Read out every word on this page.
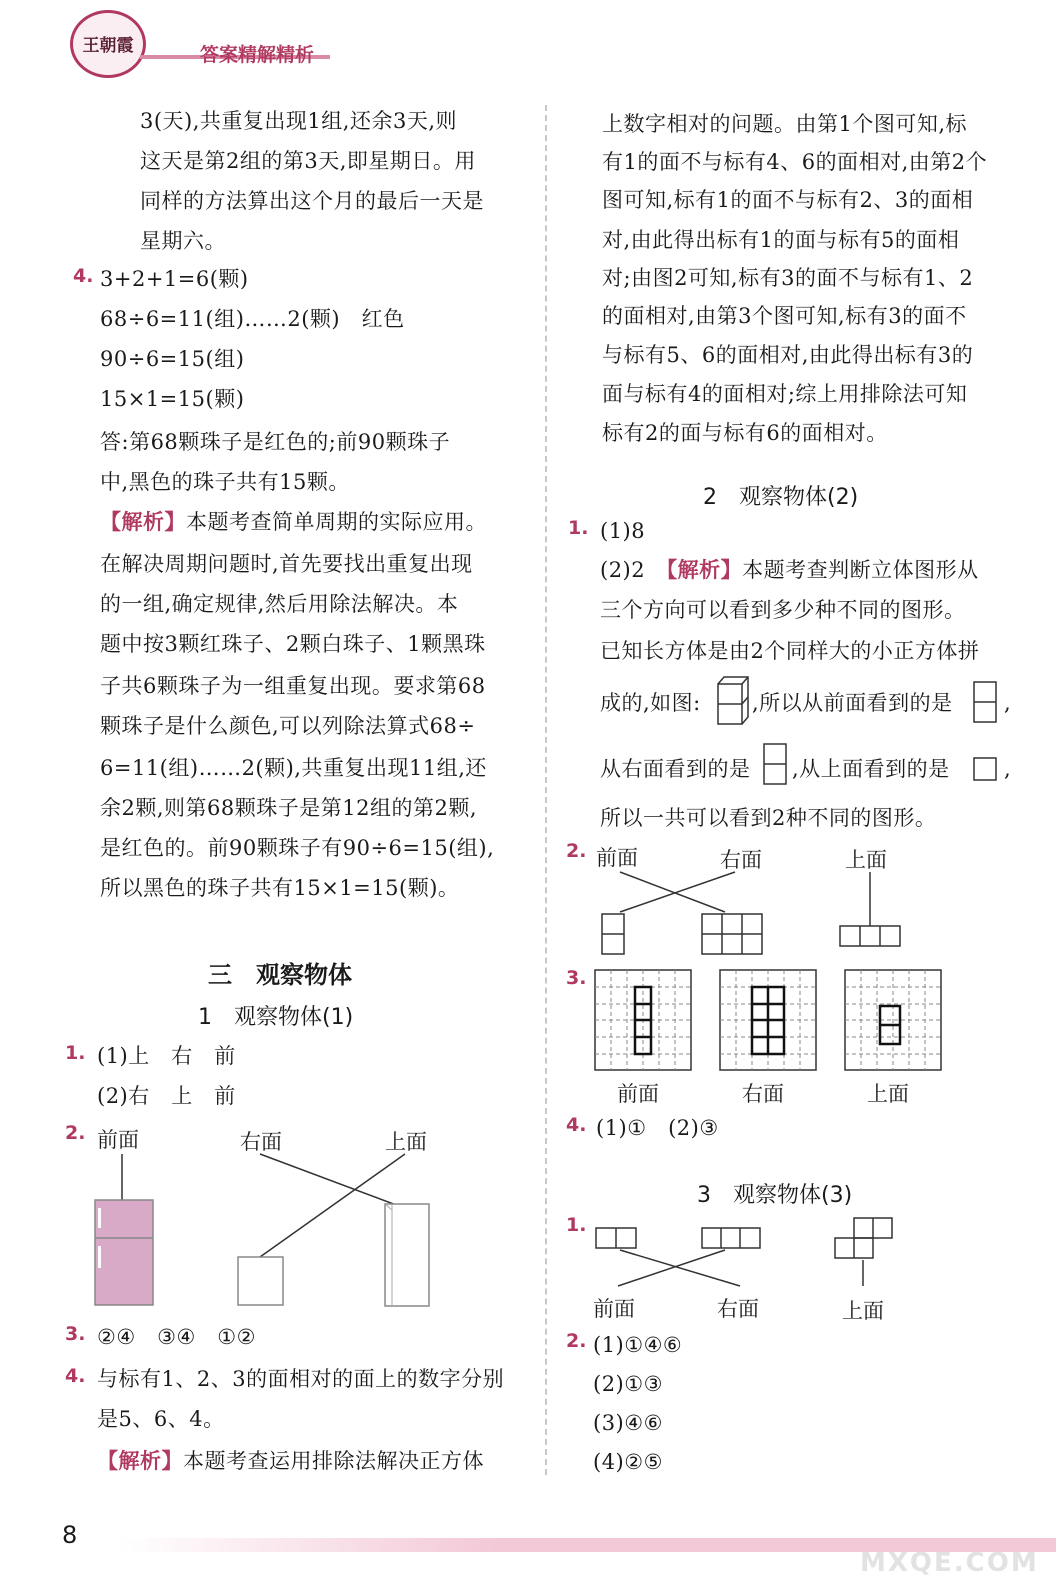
王朝霞	答案精解精析
3(天),共重复出现1组,还余3天,则
这天是第2组的第3天,即星期日。用
同样的方法算出这个月的最后一天是
星期六。
4. 3+2+1=6(颗)
68÷6=11(组)……2(颗)　红色
90÷6=15(组)
15×1=15(颗)
答:第68颗珠子是红色的;前90颗珠子
中,黑色的珠子共有15颗。
【解析】本题考查简单周期的实际应用。
在解决周期问题时,首先要找出重复出现
的一组,确定规律,然后用除法解决。本
题中按3颗红珠子、2颗白珠子、1颗黑珠
子共6颗珠子为一组重复出现。要求第68
颗珠子是什么颜色,可以列除法算式68÷
6=11(组)……2(颗),共重复出现11组,还
余2颗,则第68颗珠子是第12组的第2颗,
是红色的。前90颗珠子有90÷6=15(组),
所以黑色的珠子共有15×1=15(颗)。
三　观察物体
1　观察物体(1)
1. (1)上　右　前
(2)右　上　前
2. 前面	右面	上面
3. ②④　③④　①②
4. 与标有1、2、3的面相对的面上的数字分别
是5、6、4。
【解析】本题考查运用排除法解决正方体
上数字相对的问题。由第1个图可知,标
有1的面不与标有4、6的面相对,由第2个
图可知,标有1的面不与标有2、3的面相
对,由此得出标有1的面与标有5的面相
对;由图2可知,标有3的面不与标有1、2
的面相对,由第3个图可知,标有3的面不
与标有5、6的面相对,由此得出标有3的
面与标有4的面相对;综上用排除法可知
标有2的面与标有6的面相对。
2　观察物体(2)
1. (1)8
(2)2　 【解析】本题考查判断立体图形从
三个方向可以看到多少种不同的图形。
已知长方体是由2个同样大的小正方体拼
成的,如图: ,所以从前面看到的是 ,
从右面看到的是 ,从上面看到的是	,
所以一共可以看到2种不同的图形。
2. 前面	右面	上面
3.
前面	右面	上面
4. (1)①　(2)③
3　观察物体(3)
1.
前面	右面	上面
2. (1)①④⑥
(2)①③
(3)④⑥
(4)②⑤
8
MXQE.COM
